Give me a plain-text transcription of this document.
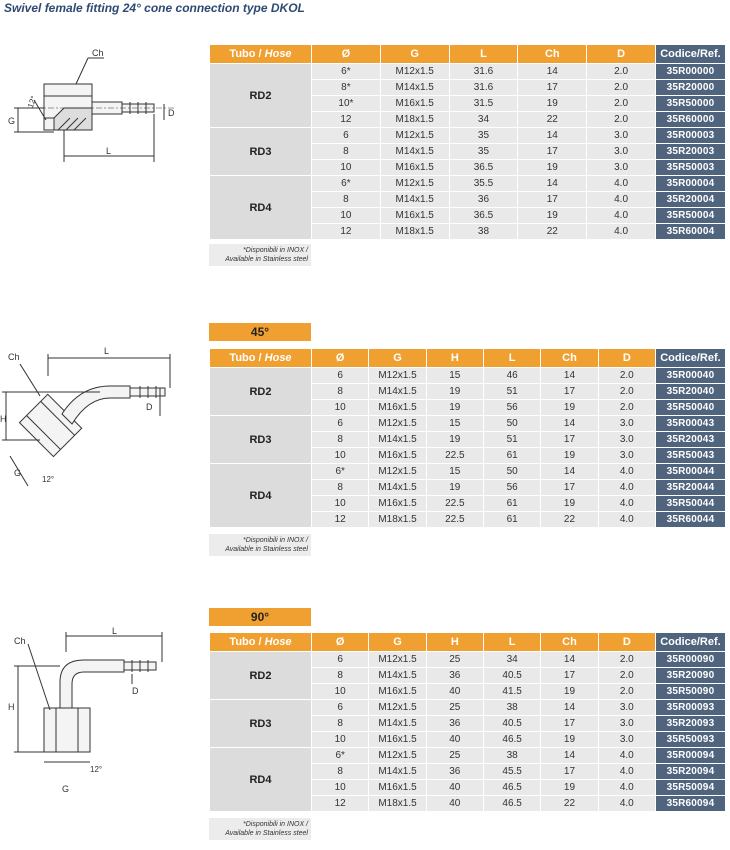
Swivel female fitting 24° cone connection type DKOL
Ch
12°
G
D
L
L
Ch
H
D
G
12°
L
Ch
H
D
G
12°
45°
90°
Tubo / Hose	Ø	G	L	Ch	D	Codice/Ref.
RD2	6*	M12x1.5	31.6	14	2.0	35R00000
	8*	M14x1.5	31.6	17	2.0	35R20000
	10*	M16x1.5	31.5	19	2.0	35R50000
	12	M18x1.5	34	22	2.0	35R60000
RD3	6	M12x1.5	35	14	3.0	35R00003
	8	M14x1.5	35	17	3.0	35R20003
	10	M16x1.5	36.5	19	3.0	35R50003
RD4	6*	M12x1.5	35.5	14	4.0	35R00004
	8	M14x1.5	36	17	4.0	35R20004
	10	M16x1.5	36.5	19	4.0	35R50004
	12	M18x1.5	38	22	4.0	35R60004
Tubo / Hose	Ø	G	H	L	Ch	D	Codice/Ref.
RD2	6	M12x1.5	15	46	14	2.0	35R00040
	8	M14x1.5	19	51	17	2.0	35R20040
	10	M16x1.5	19	56	19	2.0	35R50040
RD3	6	M12x1.5	15	50	14	3.0	35R00043
	8	M14x1.5	19	51	17	3.0	35R20043
	10	M16x1.5	22.5	61	19	3.0	35R50043
RD4	6*	M12x1.5	15	50	14	4.0	35R00044
	8	M14x1.5	19	56	17	4.0	35R20044
	10	M16x1.5	22.5	61	19	4.0	35R50044
	12	M18x1.5	22.5	61	22	4.0	35R60044
Tubo / Hose	Ø	G	H	L	Ch	D	Codice/Ref.
RD2	6	M12x1.5	25	34	14	2.0	35R00090
	8	M14x1.5	36	40.5	17	2.0	35R20090
	10	M16x1.5	40	41.5	19	2.0	35R50090
RD3	6	M12x1.5	25	38	14	3.0	35R00093
	8	M14x1.5	36	40.5	17	3.0	35R20093
	10	M16x1.5	40	46.5	19	3.0	35R50093
RD4	6*	M12x1.5	25	38	14	4.0	35R00094
	8	M14x1.5	36	45.5	17	4.0	35R20094
	10	M16x1.5	40	46.5	19	4.0	35R50094
	12	M18x1.5	40	46.5	22	4.0	35R60094
*Disponibili in INOX /
Available in Stainless steel
*Disponibili in INOX /
Available in Stainless steel
*Disponibili in INOX /
Available in Stainless steel
